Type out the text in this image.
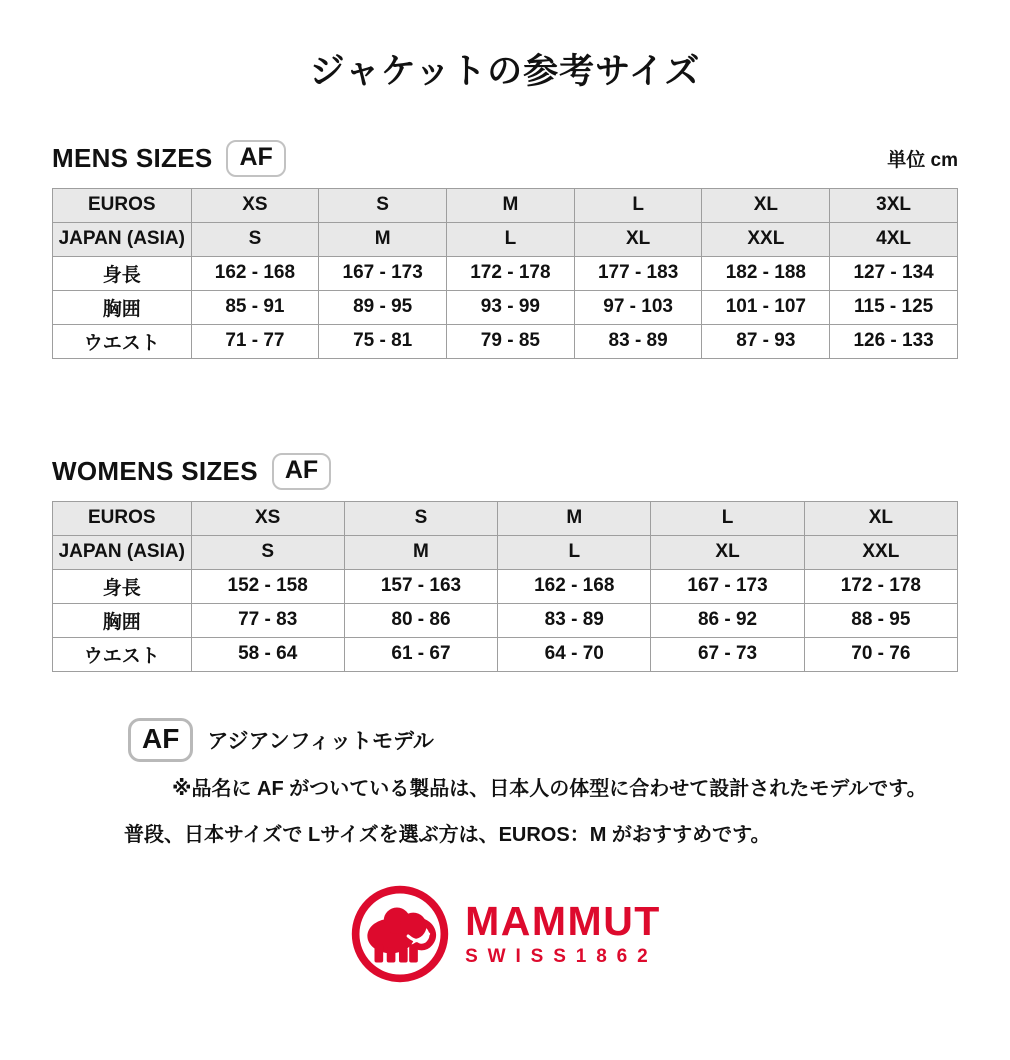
ジャケットの参考サイズ
MENS SIZES	AF	単位 cm
EUROS	XS	S	M	L	XL	3XL
JAPAN (ASIA)	S	M	L	XL	XXL	4XL
身長	162 - 168	167 - 173	172 - 178	177 - 183	182 - 188	127 - 134
胸囲	85 - 91	89 - 95	93 - 99	97 - 103	101 - 107	115 - 125
ウエスト	71 - 77	75 - 81	79 - 85	83 - 89	87 - 93	126 - 133
WOMENS SIZES	AF
EUROS	XS	S	M	L	XL
JAPAN (ASIA)	S	M	L	XL	XXL
身長	152 - 158	157 - 163	162 - 168	167 - 173	172 - 178
胸囲	77 - 83	80 - 86	83 - 89	86 - 92	88 - 95
ウエスト	58 - 64	61 - 67	64 - 70	67 - 73	70 - 76
AF	アジアンフィットモデル
※品名に AF がついている製品は、日本人の体型に合わせて設計されたモデルです。
普段、日本サイズで Lサイズを選ぶ方は、EUROS：M がおすすめです。
MAMMUT
SWISS1862
